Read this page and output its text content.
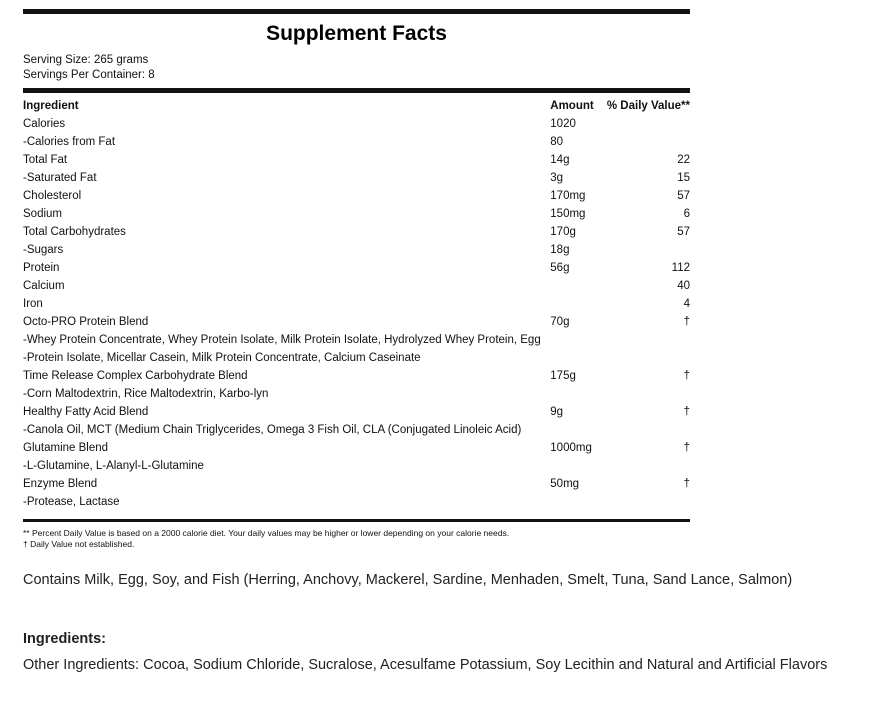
Supplement Facts
Serving Size: 265 grams
Servings Per Container: 8
Ingredient	Amount	% Daily Value**
Calories	1020	
-Calories from Fat	80	
Total Fat	14g	22
-Saturated Fat	3g	15
Cholesterol	170mg	57
Sodium	150mg	6
Total Carbohydrates	170g	57
-Sugars	18g	
Protein	56g	112
Calcium		40
Iron		4
Octo-PRO Protein Blend	70g	†
-Whey Protein Concentrate, Whey Protein Isolate, Milk Protein Isolate, Hydrolyzed Whey Protein, Egg		
-Protein Isolate, Micellar Casein, Milk Protein Concentrate, Calcium Caseinate		
Time Release Complex Carbohydrate Blend	175g	†
-Corn Maltodextrin, Rice Maltodextrin, Karbo-lyn		
Healthy Fatty Acid Blend	9g	†
-Canola Oil, MCT (Medium Chain Triglycerides, Omega 3 Fish Oil, CLA (Conjugated Linoleic Acid)		
Glutamine Blend	1000mg	†
-L-Glutamine, L-Alanyl-L-Glutamine		
Enzyme Blend	50mg	†
-Protease, Lactase		
** Percent Daily Value is based on a 2000 calorie diet. Your daily values may be higher or lower depending on your calorie needs.
† Daily Value not established.
Contains Milk, Egg, Soy, and Fish (Herring, Anchovy, Mackerel, Sardine, Menhaden, Smelt, Tuna, Sand Lance, Salmon)
Ingredients:
Other Ingredients: Cocoa, Sodium Chloride, Sucralose, Acesulfame Potassium, Soy Lecithin and Natural and Artificial Flavors
